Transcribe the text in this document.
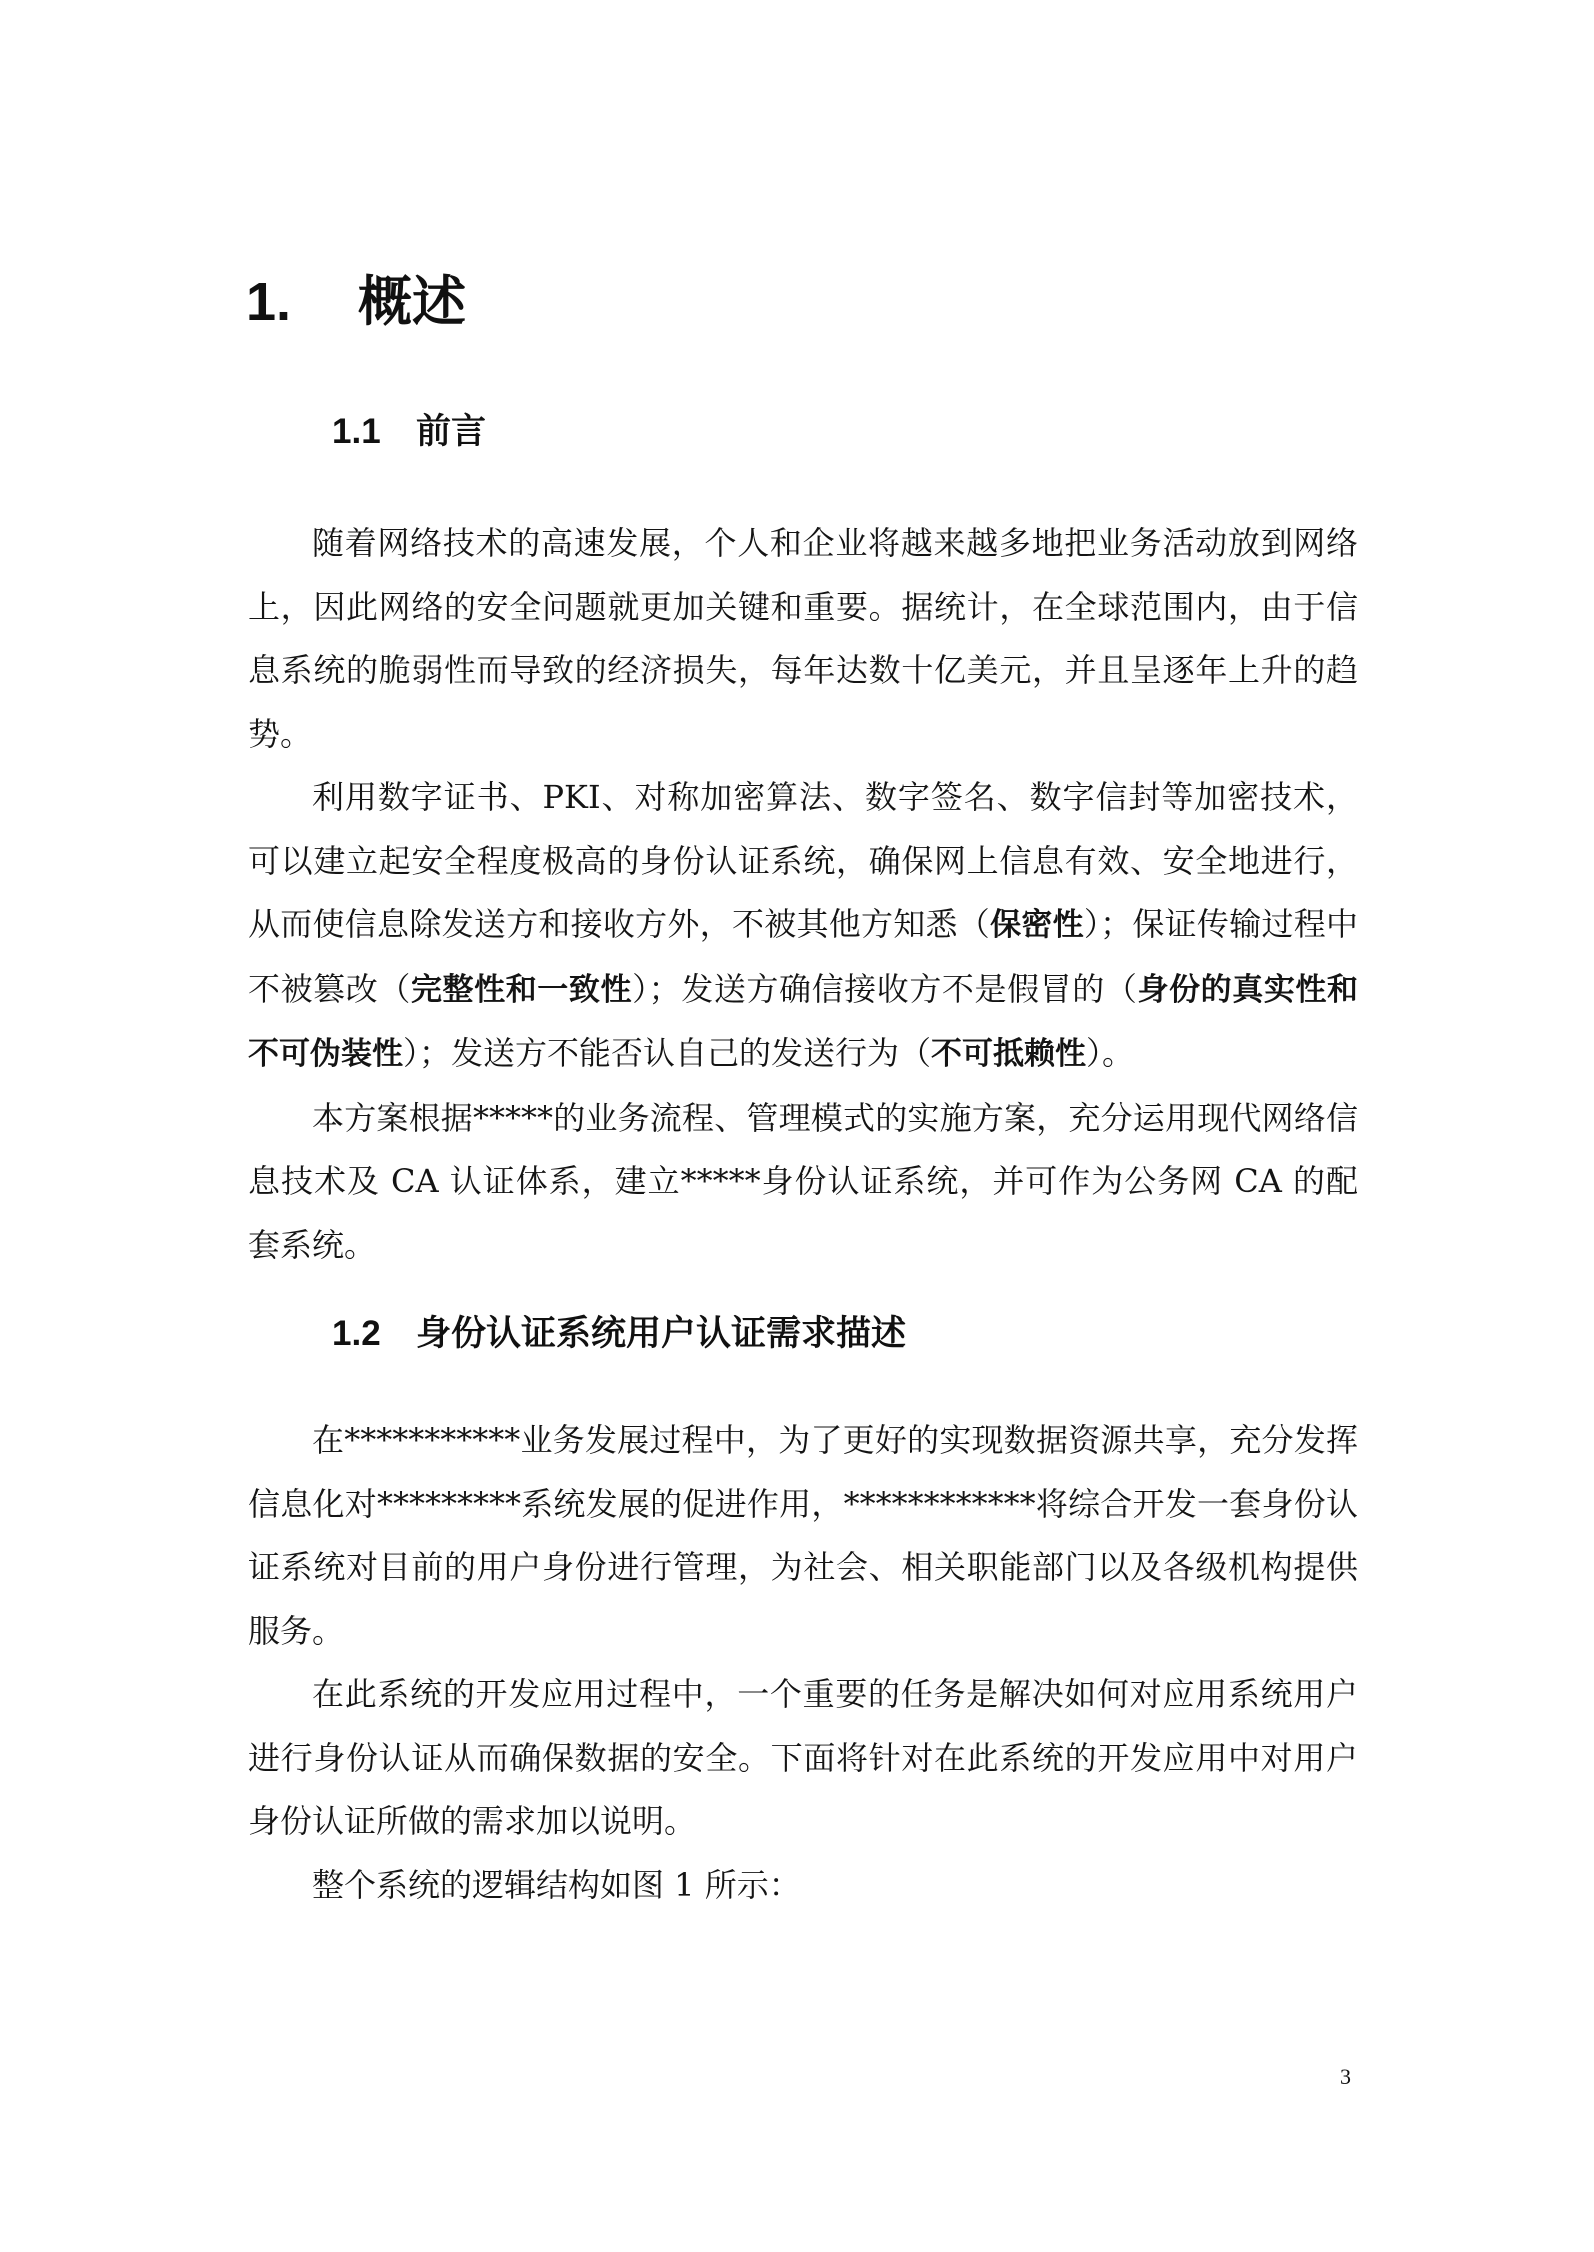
1.	概述
1.1	前言

随着网络技术的高速发展，个人和企业将越来越多地把业务活动放到网络上，因此网络的安全问题就更加关键和重要。据统计，在全球范围内，由于信息系统的脆弱性而导致的经济损失，每年达数十亿美元，并且呈逐年上升的趋势。

利用数字证书、PKI、对称加密算法、数字签名、数字信封等加密技术，可以建立起安全程度极高的身份认证系统，确保网上信息有效、安全地进行，从而使信息除发送方和接收方外，不被其他方知悉（保密性）；保证传输过程中不被篡改（完整性和一致性）；发送方确信接收方不是假冒的（身份的真实性和不可伪装性）；发送方不能否认自己的发送行为（不可抵赖性）。

本方案根据*****的业务流程、管理模式的实施方案，充分运用现代网络信息技术及 CA 认证体系，建立*****身份认证系统，并可作为公务网 CA 的配套系统。

1.2	身份认证系统用户认证需求描述

在***********业务发展过程中，为了更好的实现数据资源共享，充分发挥信息化对*********系统发展的促进作用，************将综合开发一套身份认证系统对目前的用户身份进行管理，为社会、相关职能部门以及各级机构提供服务。

在此系统的开发应用过程中，一个重要的任务是解决如何对应用系统用户进行身份认证从而确保数据的安全。下面将针对在此系统的开发应用中对用户身份认证所做的需求加以说明。

整个系统的逻辑结构如图 1 所示：

3
